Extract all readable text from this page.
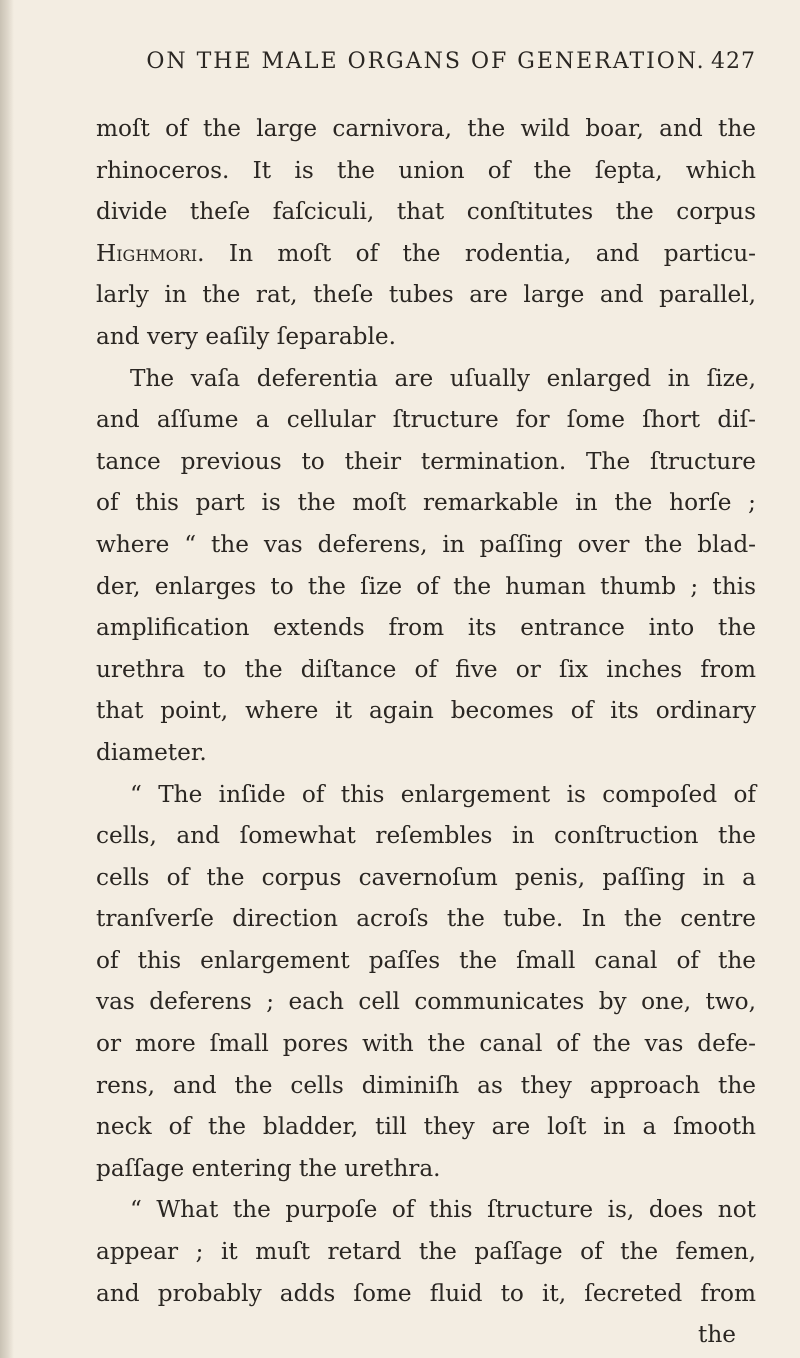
ON THE MALE ORGANS OF GENERATION. 427
moſt of the large carnivora, the wild boar, and the
rhinoceros. It is the union of the ſepta, which
divide theſe faſciculi, that conſtitutes the corpus
Highmori. In moſt of the rodentia, and particu-
larly in the rat, theſe tubes are large and parallel,
and very eaſily ſeparable.
The vaſa deferentia are uſually enlarged in ſize,
and aſſume a cellular ſtructure for ſome ſhort diſ-
tance previous to their termination. The ſtructure
of this part is the moſt remarkable in the horſe ;
where “ the vas deferens, in paſſing over the blad-
der, enlarges to the ſize of the human thumb ; this
amplification extends from its entrance into the
urethra to the diſtance of five or ſix inches from
that point, where it again becomes of its ordinary
diameter.
“ The inſide of this enlargement is compoſed of
cells, and ſomewhat reſembles in conſtruction the
cells of the corpus cavernoſum penis, paſſing in a
tranſverſe direction acroſs the tube. In the centre
of this enlargement paſſes the ſmall canal of the
vas deferens ; each cell communicates by one, two,
or more ſmall pores with the canal of the vas defe-
rens, and the cells diminiſh as they approach the
neck of the bladder, till they are loſt in a ſmooth
paſſage entering the urethra.
“ What the purpoſe of this ſtructure is, does not
appear ; it muſt retard the paſſage of the femen,
and probably adds ſome fluid to it, ſecreted from
the
